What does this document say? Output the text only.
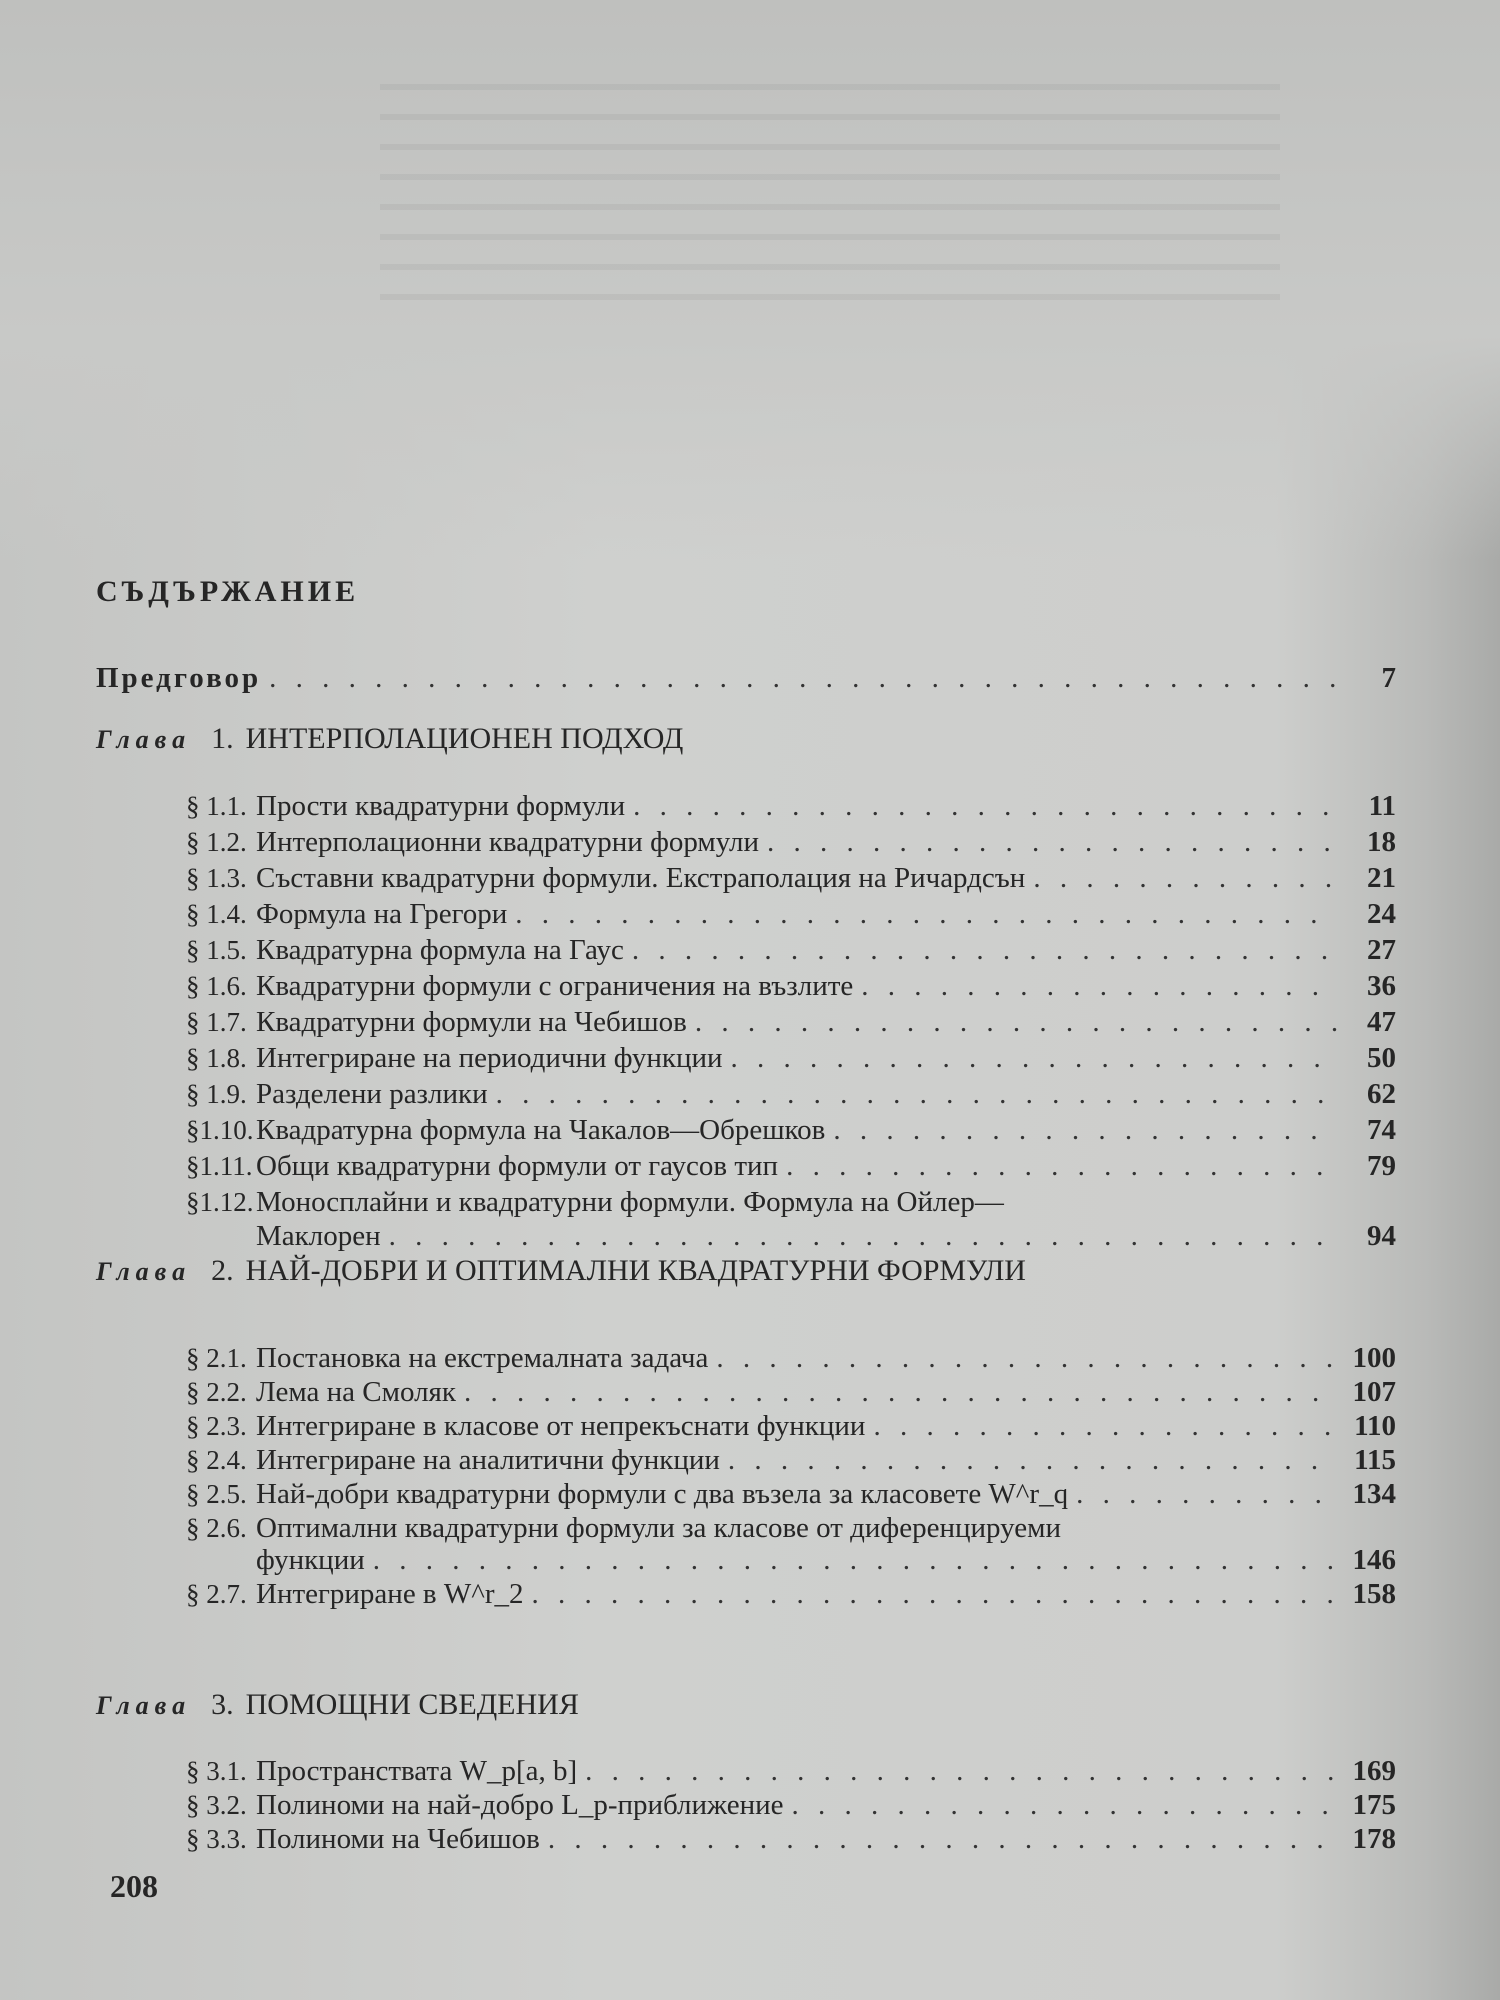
СЪДЪРЖАНИЕ
Предговор . . .	7
Глава 1. ИНТЕРПОЛАЦИОНЕН ПОДХОД
§ 1.1. Прости квадратурни формули . . .	11
§ 1.2. Интерполационни квадратурни формули . . .	18
§ 1.3. Съставни квадратурни формули. Екстраполация на Ричардсън . . .	21
§ 1.4. Формула на Грегори . . .	24
§ 1.5. Квадратурна формула на Гаус . . .	27
§ 1.6. Квадратурни формули с ограничения на възлите . . .	36
§ 1.7. Квадратурни формули на Чебишов . . .	47
§ 1.8. Интегриране на периодични функции . . .	50
§ 1.9. Разделени разлики . . .	62
§1.10. Квадратурна формула на Чакалов—Обрешков . . .	74
§1.11. Общи квадратурни формули от гаусов тип . . .	79
§1.12. Моносплайни и квадратурни формули. Формула на Ойлер—
Маклорен . . .	94
Глава 2. НАЙ-ДОБРИ И ОПТИМАЛНИ КВАДРАТУРНИ ФОРМУЛИ
§ 2.1. Постановка на екстремалната задача . . .	100
§ 2.2. Лема на Смоляк . . .	107
§ 2.3. Интегриране в класове от непрекъснати функции . . .	110
§ 2.4. Интегриране на аналитични функции . . .	115
§ 2.5. Най-добри квадратурни формули с два възела за класовете W^r_q . . .	134
§ 2.6. Оптимални квадратурни формули за класове от диференцируеми
функции . . .	146
§ 2.7. Интегриране в W^r_2 . . .	158
Глава 3. ПОМОЩНИ СВЕДЕНИЯ
§ 3.1. Пространствата W_p[a, b] . . .	169
§ 3.2. Полиноми на най-добро L_p-приближение . . .	175
§ 3.3. Полиноми на Чебишов . . .	178
208
